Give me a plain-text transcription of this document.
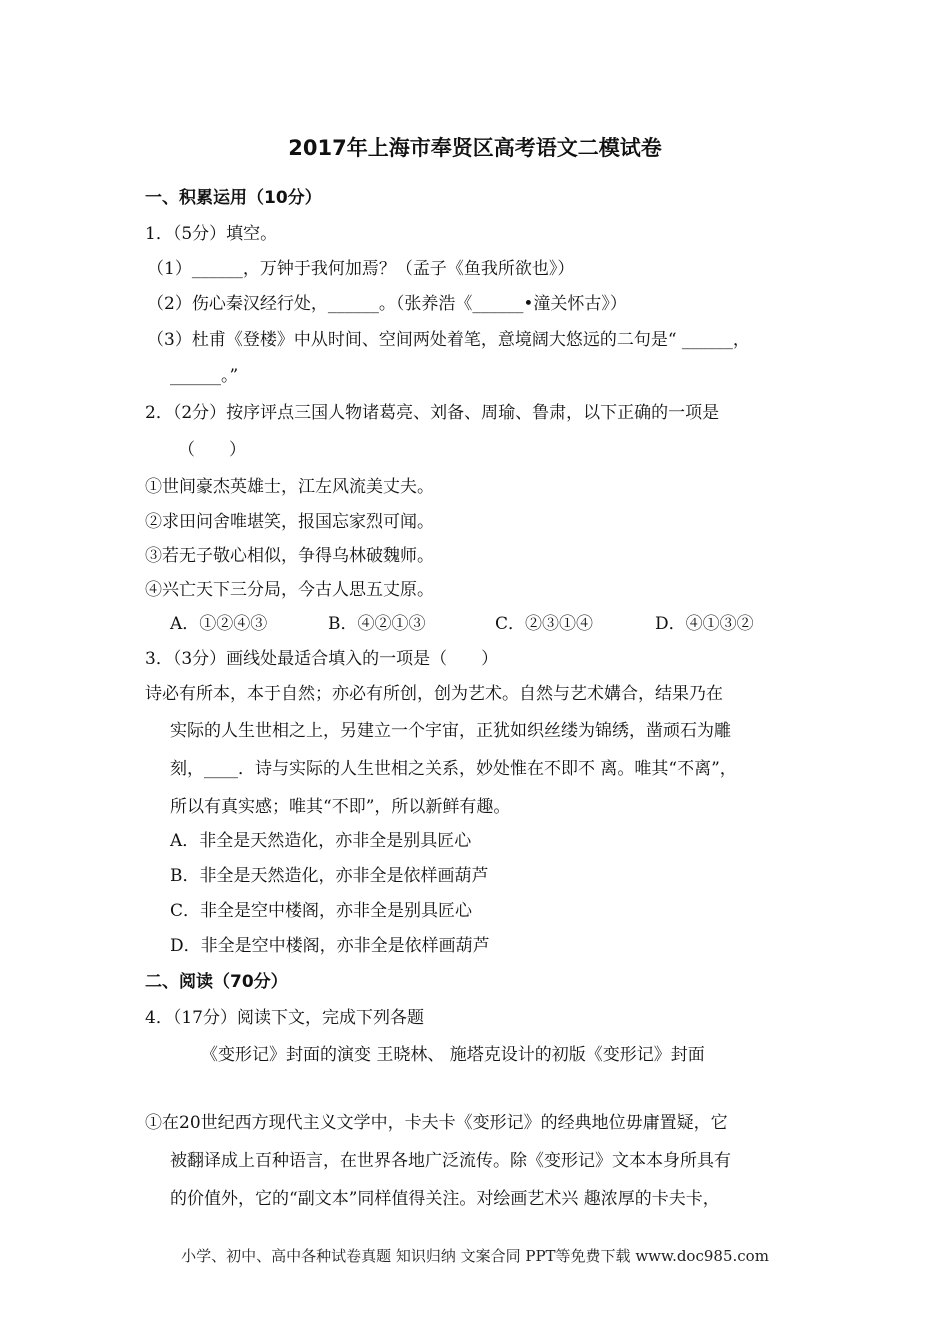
2017年上海市奉贤区高考语文二模试卷
一、积累运用（10分）
1．（5分）填空。
（1）______，万钟于我何加焉？（孟子《鱼我所欲也》）
（2）伤心秦汉经行处，______。（张养浩《______•潼关怀古》）
（3）杜甫《登楼》中从时间、空间两处着笔，意境阔大悠远的二句是“ ______，
______。”
2．（2分）按序评点三国人物诸葛亮、刘备、周瑜、鲁肃，以下正确的一项是
（　　）
①世间豪杰英雄士，江左风流美丈夫。
②求田问舍唯堪笑，报国忘家烈可闻。
③若无子敬心相似，争得乌林破魏师。
④兴亡天下三分局，今古人思五丈原。
A．①②④③	B．④②①③	C．②③①④	D．④①③②
3．（3分）画线处最适合填入的一项是（　　）
诗必有所本，本于自然；亦必有所创，创为艺术。自然与艺术媾合，结果乃在
实际的人生世相之上，另建立一个宇宙，正犹如织丝缕为锦绣，凿顽石为雕
刻，____．诗与实际的人生世相之关系，妙处惟在不即不 离。唯其“不离”，
所以有真实感；唯其“不即”，所以新鲜有趣。
A．非全是天然造化，亦非全是别具匠心
B．非全是天然造化，亦非全是依样画葫芦
C．非全是空中楼阁，亦非全是别具匠心
D．非全是空中楼阁，亦非全是依样画葫芦
二、阅读（70分）
4．（17分）阅读下文，完成下列各题
《变形记》封面的演变 王晓林、 施塔克设计的初版《变形记》封面
①在20世纪西方现代主义文学中，卡夫卡《变形记》的经典地位毋庸置疑，它
被翻译成上百种语言，在世界各地广泛流传。除《变形记》文本本身所具有
的价值外，它的“副文本”同样值得关注。对绘画艺术兴 趣浓厚的卡夫卡，
小学、初中、高中各种试卷真题 知识归纳 文案合同 PPT等免费下载 www.doc985.com
